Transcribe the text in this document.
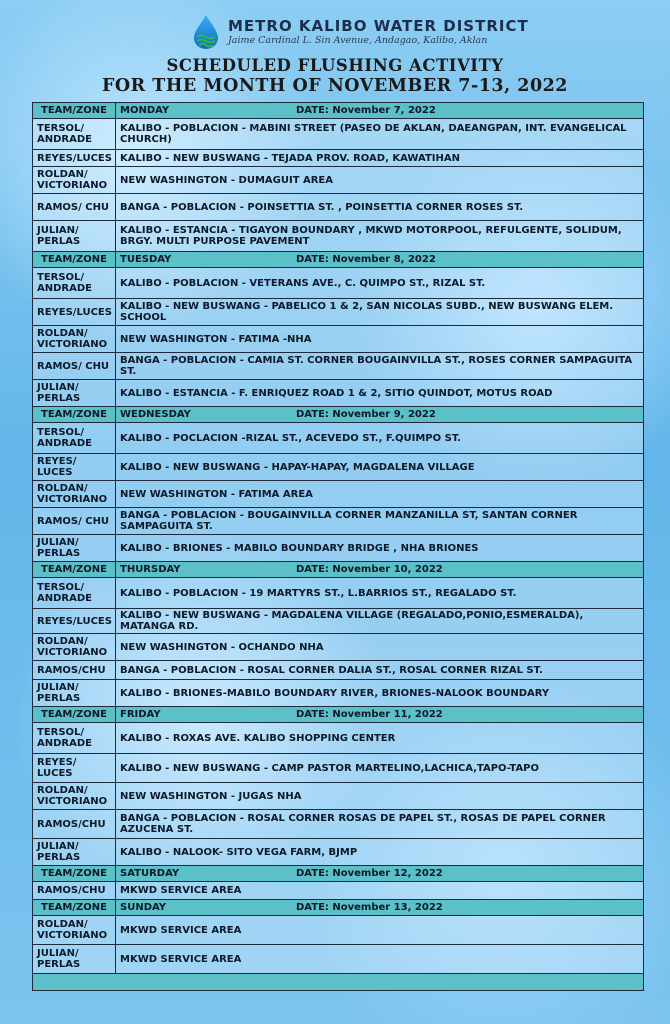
METRO KALIBO WATER DISTRICT
Jaime Cardinal L. Sin Avenue, Andagao, Kalibo, Aklan
SCHEDULED FLUSHING ACTIVITY
FOR THE MONTH OF NOVEMBER 7-13, 2022
TEAM/ZONE	MONDAY DATE: November 7, 2022
TERSOL/ ANDRADE	KALIBO - POBLACION - MABINI STREET (PASEO DE AKLAN, DAEANGPAN, INT. EVANGELICAL CHURCH)
REYES/LUCES	KALIBO - NEW BUSWANG - TEJADA PROV. ROAD, KAWATIHAN
ROLDAN/ VICTORIANO	NEW WASHINGTON - DUMAGUIT AREA
RAMOS/ CHU	BANGA - POBLACION - POINSETTIA ST. , POINSETTIA CORNER ROSES ST.
JULIAN/ PERLAS	KALIBO - ESTANCIA - TIGAYON BOUNDARY , MKWD MOTORPOOL, REFULGENTE, SOLIDUM, BRGY. MULTI PURPOSE PAVEMENT
TEAM/ZONE	TUESDAY DATE: November 8, 2022
TERSOL/ ANDRADE	KALIBO - POBLACION - VETERANS AVE., C. QUIMPO ST., RIZAL ST.
REYES/LUCES	KALIBO - NEW BUSWANG - PABELICO 1 & 2, SAN NICOLAS SUBD., NEW BUSWANG ELEM. SCHOOL
ROLDAN/ VICTORIANO	NEW WASHINGTON - FATIMA -NHA
RAMOS/ CHU	BANGA - POBLACION - CAMIA ST. CORNER BOUGAINVILLA ST., ROSES CORNER SAMPAGUITA ST.
JULIAN/ PERLAS	KALIBO - ESTANCIA - F. ENRIQUEZ ROAD 1 & 2, SITIO QUINDOT, MOTUS ROAD
TEAM/ZONE	WEDNESDAY DATE: November 9, 2022
TERSOL/ ANDRADE	KALIBO - POCLACION -RIZAL ST., ACEVEDO ST., F.QUIMPO ST.
REYES/ LUCES	KALIBO - NEW BUSWANG - HAPAY-HAPAY, MAGDALENA VILLAGE
ROLDAN/ VICTORIANO	NEW WASHINGTON - FATIMA AREA
RAMOS/ CHU	BANGA - POBLACION - BOUGAINVILLA CORNER MANZANILLA ST, SANTAN CORNER SAMPAGUITA ST.
JULIAN/ PERLAS	KALIBO - BRIONES - MABILO BOUNDARY BRIDGE , NHA BRIONES
TEAM/ZONE	THURSDAY DATE: November 10, 2022
TERSOL/ ANDRADE	KALIBO - POBLACION - 19 MARTYRS ST., L.BARRIOS ST., REGALADO ST.
REYES/LUCES	KALIBO - NEW BUSWANG - MAGDALENA VILLAGE (REGALADO,PONIO,ESMERALDA), MATANGA RD.
ROLDAN/ VICTORIANO	NEW WASHINGTON - OCHANDO NHA
RAMOS/CHU	BANGA - POBLACION - ROSAL CORNER DALIA ST., ROSAL CORNER RIZAL ST.
JULIAN/ PERLAS	KALIBO - BRIONES-MABILO BOUNDARY RIVER, BRIONES-NALOOK BOUNDARY
TEAM/ZONE	FRIDAY DATE: November 11, 2022
TERSOL/ ANDRADE	KALIBO - ROXAS AVE. KALIBO SHOPPING CENTER
REYES/ LUCES	KALIBO - NEW BUSWANG - CAMP PASTOR MARTELINO,LACHICA,TAPO-TAPO
ROLDAN/ VICTORIANO	NEW WASHINGTON - JUGAS NHA
RAMOS/CHU	BANGA - POBLACION - ROSAL CORNER ROSAS DE PAPEL ST., ROSAS DE PAPEL CORNER AZUCENA ST.
JULIAN/ PERLAS	KALIBO - NALOOK- SITO VEGA FARM, BJMP
TEAM/ZONE	SATURDAY DATE: November 12, 2022
RAMOS/CHU	MKWD SERVICE AREA
TEAM/ZONE	SUNDAY DATE: November 13, 2022
ROLDAN/ VICTORIANO	MKWD SERVICE AREA
JULIAN/ PERLAS	MKWD SERVICE AREA
